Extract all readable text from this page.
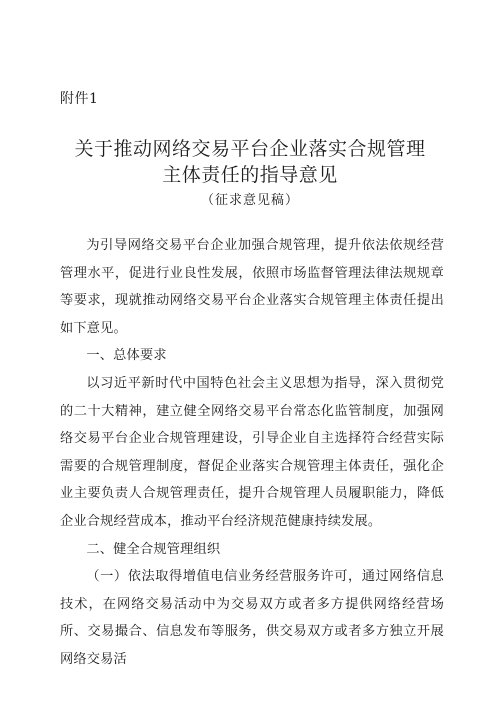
附件1
关于推动网络交易平台企业落实合规管理
主体责任的指导意见
（征求意见稿）

为引导网络交易平台企业加强合规管理，提升依法依规经营管理水平，促进行业良性发展，依照市场监督管理法律法规规章等要求，现就推动网络交易平台企业落实合规管理主体责任提出如下意见。

一、总体要求

以习近平新时代中国特色社会主义思想为指导，深入贯彻党的二十大精神，建立健全网络交易平台常态化监管制度，加强网络交易平台企业合规管理建设，引导企业自主选择符合经营实际需要的合规管理制度，督促企业落实合规管理主体责任，强化企业主要负责人合规管理责任，提升合规管理人员履职能力，降低企业合规经营成本，推动平台经济规范健康持续发展。

二、健全合规管理组织

（一）依法取得增值电信业务经营服务许可，通过网络信息技术，在网络交易活动中为交易双方或者多方提供网络经营场所、交易撮合、信息发布等服务，供交易双方或者多方独立开展网络交易活
